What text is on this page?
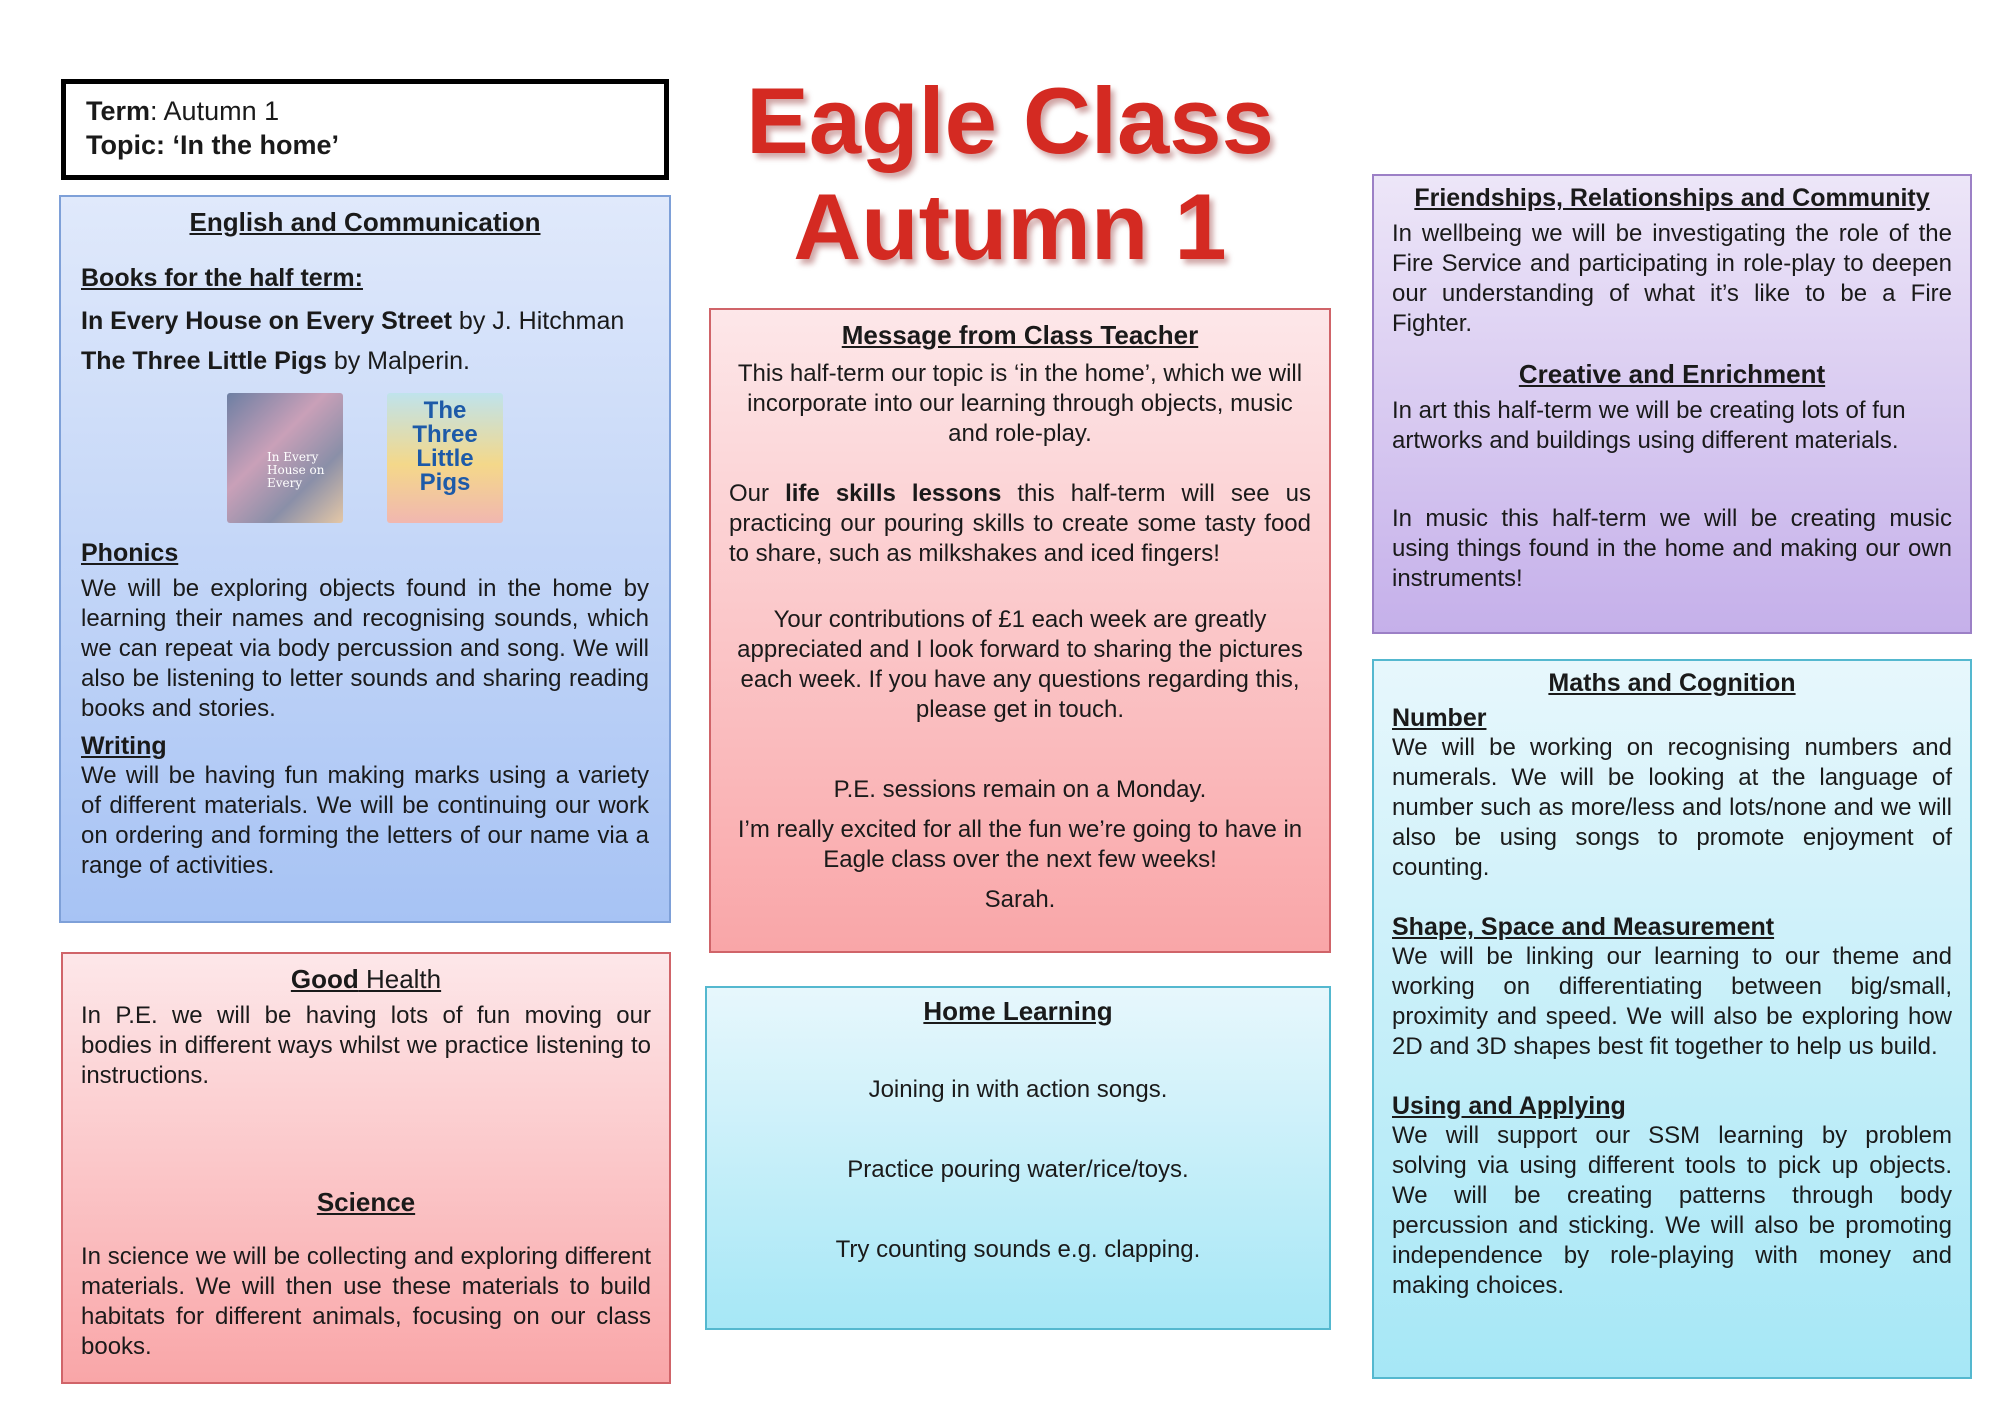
Term: Autumn 1
Topic: ‘In the home’	Eagle Class
Autumn 1
English and Communication
Books for the half term:

In Every House on Every Street by J. Hitchman

The Three Little Pigs by Malperin.

In Every House on Every
The Three Little Pigs
Phonics

We will be exploring objects found in the home by learning their names and recognising sounds, which we can repeat via body percussion and song. We will also be listening to letter sounds and sharing reading books and stories.

Writing

We will be having fun making marks using a variety of different materials. We will be continuing our work on ordering and forming the letters of our name via a range of activities.

Good Health

In P.E. we will be having lots of fun moving our bodies in different ways whilst we practice listening to instructions.

Science

In science we will be collecting and exploring different materials. We will then use these materials to build habitats for different animals, focusing on our class books.

Message from Class Teacher

This half-term our topic is ‘in the home’, which we will incorporate into our learning through objects, music and role-play.

Our life skills lessons this half-term will see us practicing our pouring skills to create some tasty food to share, such as milkshakes and iced fingers!

Your contributions of £1 each week are greatly appreciated and I look forward to sharing the pictures each week. If you have any questions regarding this, please get in touch.

P.E. sessions remain on a Monday.

I’m really excited for all the fun we’re going to have in Eagle class over the next few weeks!

Sarah.

Home Learning

Joining in with action songs.

Practice pouring water/rice/toys.

Try counting sounds e.g. clapping.

Friendships, Relationships and Community

In wellbeing we will be investigating the role of the Fire Service and participating in role-play to deepen our understanding of what it’s like to be a Fire Fighter.

Creative and Enrichment

In art this half-term we will be creating lots of fun artworks and buildings using different materials.

In music this half-term we will be creating music using things found in the home and making our own instruments!

Maths and Cognition
Number

We will be working on recognising numbers and numerals. We will be looking at the language of number such as more/less and lots/none and we will also be using songs to promote enjoyment of counting.

Shape, Space and Measurement

We will be linking our learning to our theme and working on differentiating between big/small, proximity and speed. We will also be exploring how 2D and 3D shapes best fit together to help us build.

Using and Applying

We will support our SSM learning by problem solving via using different tools to pick up objects. We will be creating patterns through body percussion and sticking. We will also be promoting independence by role-playing with money and making choices.
